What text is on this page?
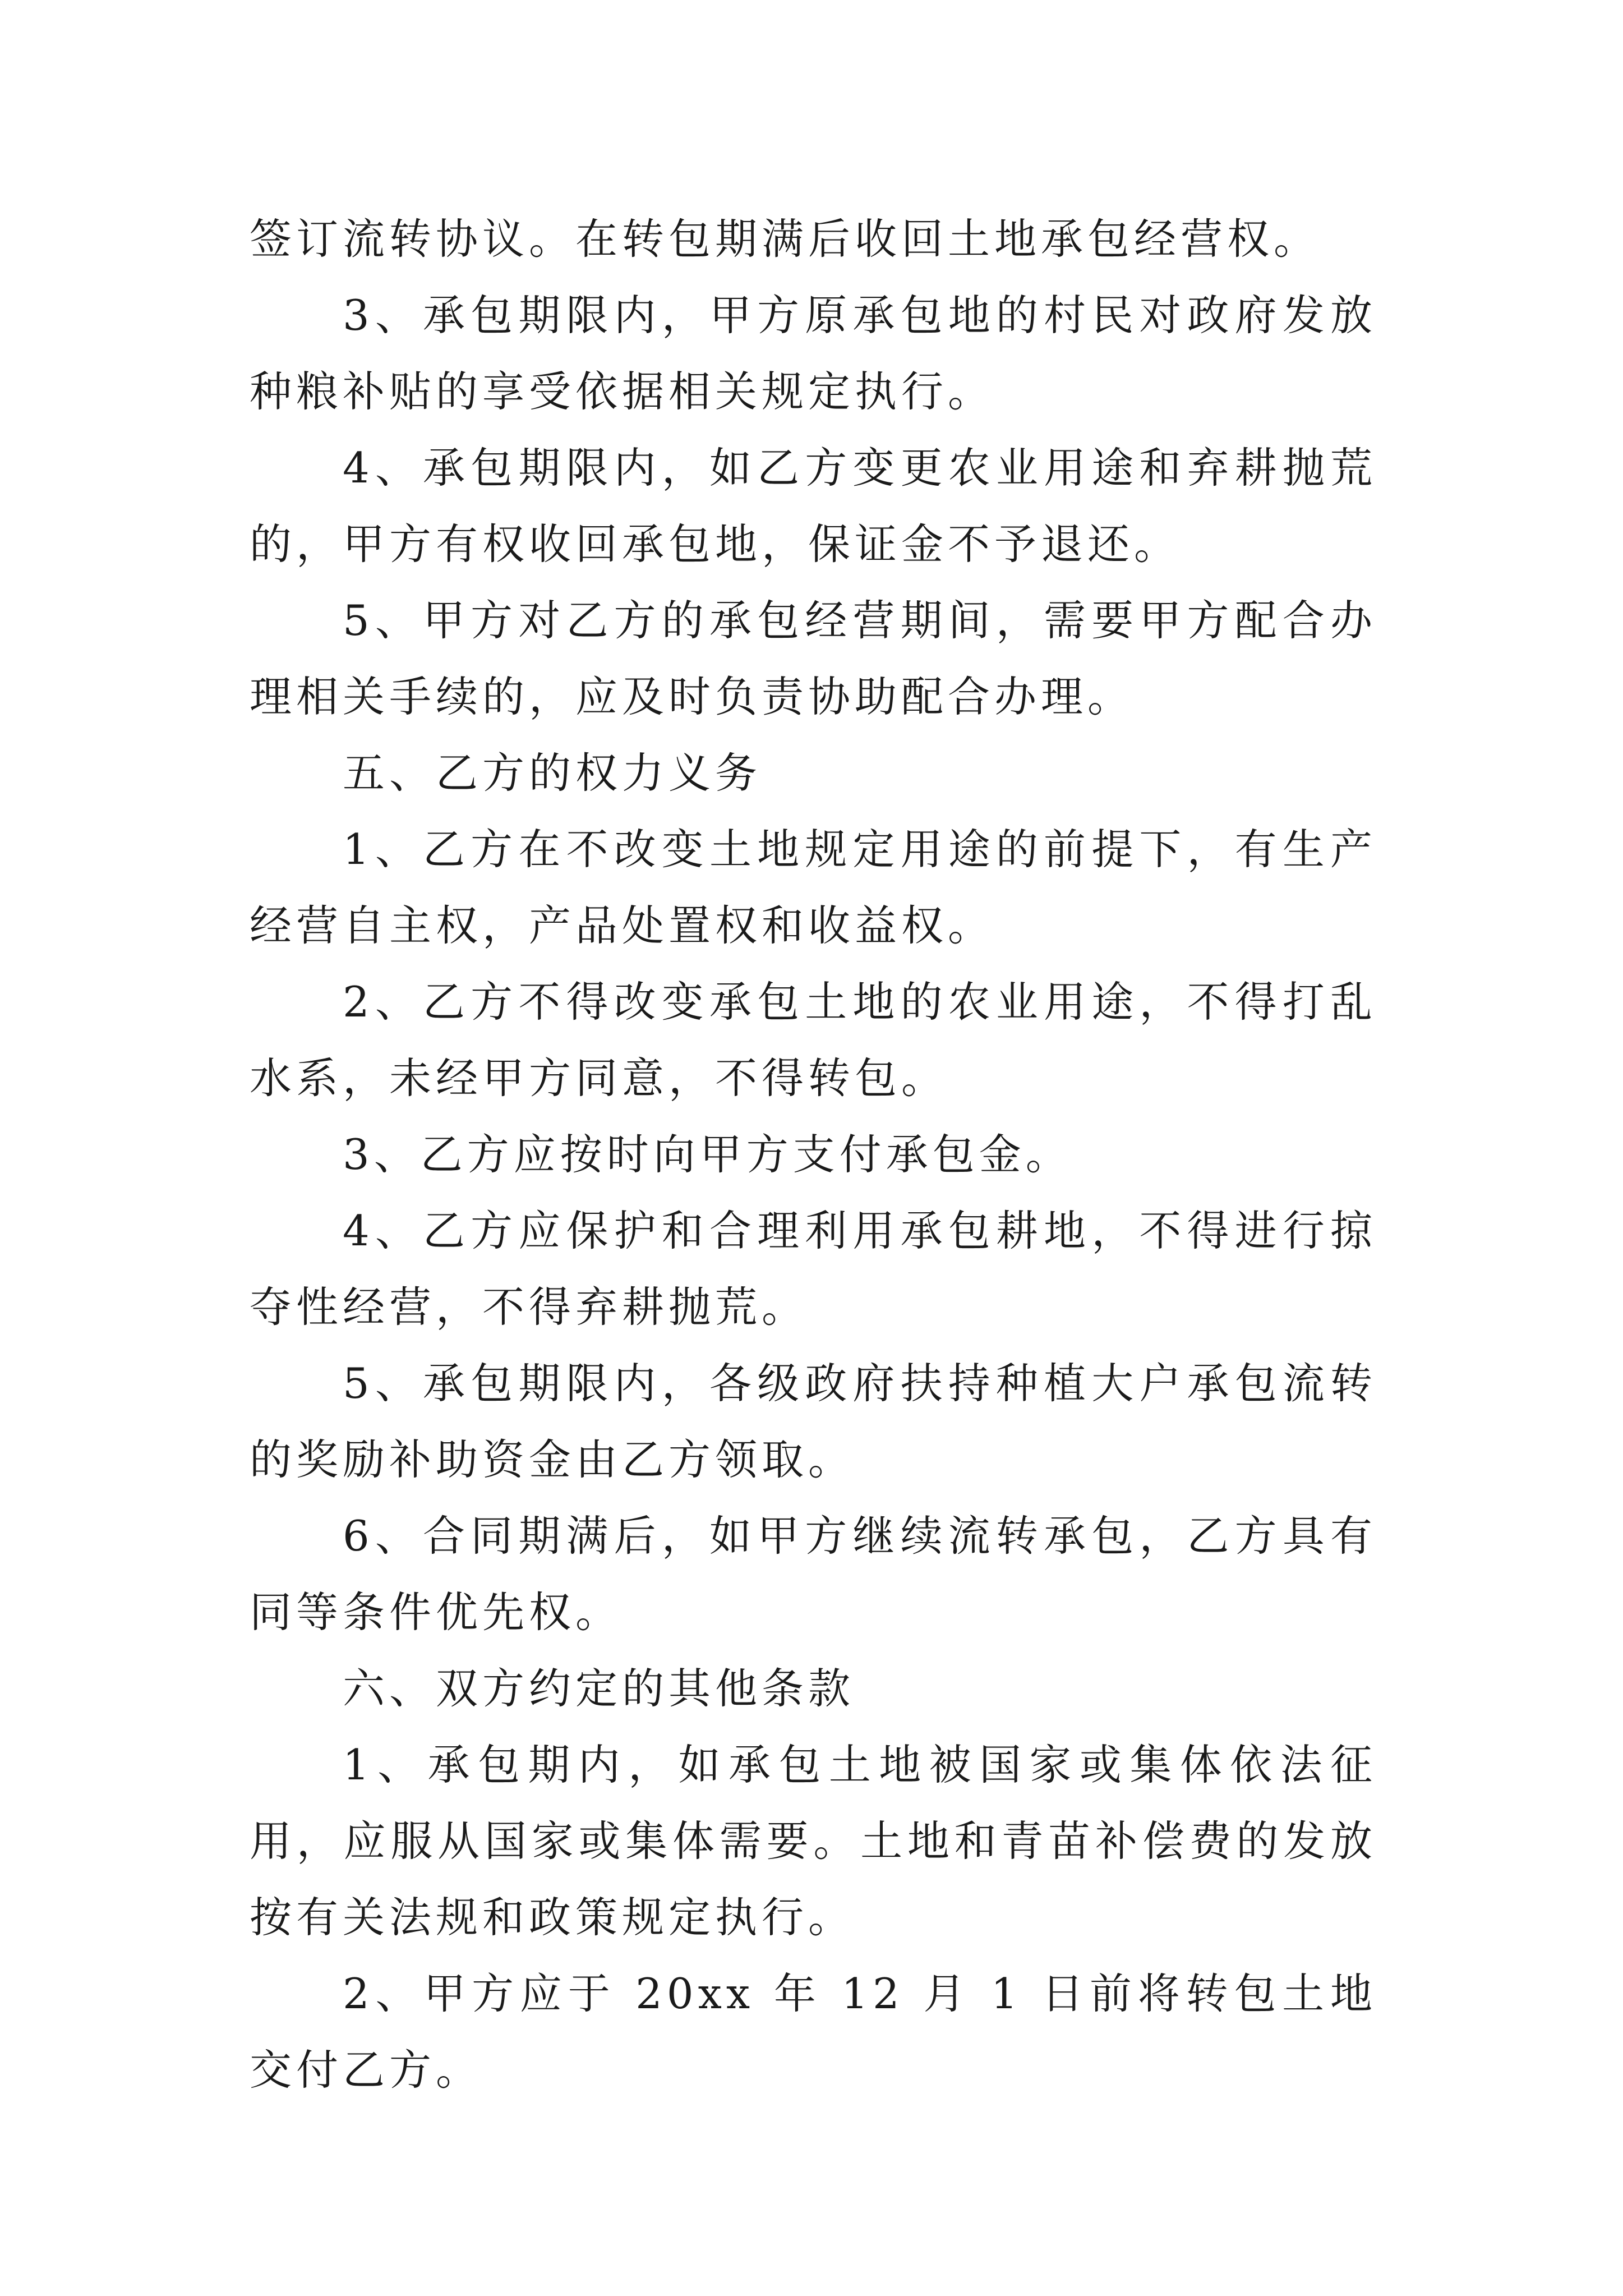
签订流转协议。在转包期满后收回土地承包经营权。

3、承包期限内，甲方原承包地的村民对政府发放种粮补贴的享受依据相关规定执行。

4、承包期限内，如乙方变更农业用途和弃耕抛荒的，甲方有权收回承包地，保证金不予退还。

5、甲方对乙方的承包经营期间，需要甲方配合办理相关手续的，应及时负责协助配合办理。

五、乙方的权力义务

1、乙方在不改变土地规定用途的前提下，有生产经营自主权，产品处置权和收益权。

2、乙方不得改变承包土地的农业用途，不得打乱水系，未经甲方同意，不得转包。

3、乙方应按时向甲方支付承包金。

4、乙方应保护和合理利用承包耕地，不得进行掠夺性经营，不得弃耕抛荒。

5、承包期限内，各级政府扶持种植大户承包流转的奖励补助资金由乙方领取。

6、合同期满后，如甲方继续流转承包，乙方具有同等条件优先权。

六、双方约定的其他条款

1、承包期内，如承包土地被国家或集体依法征用，应服从国家或集体需要。土地和青苗补偿费的发放按有关法规和政策规定执行。

2、甲方应于 20xx 年 12 月 1 日前将转包土地交付乙方。
